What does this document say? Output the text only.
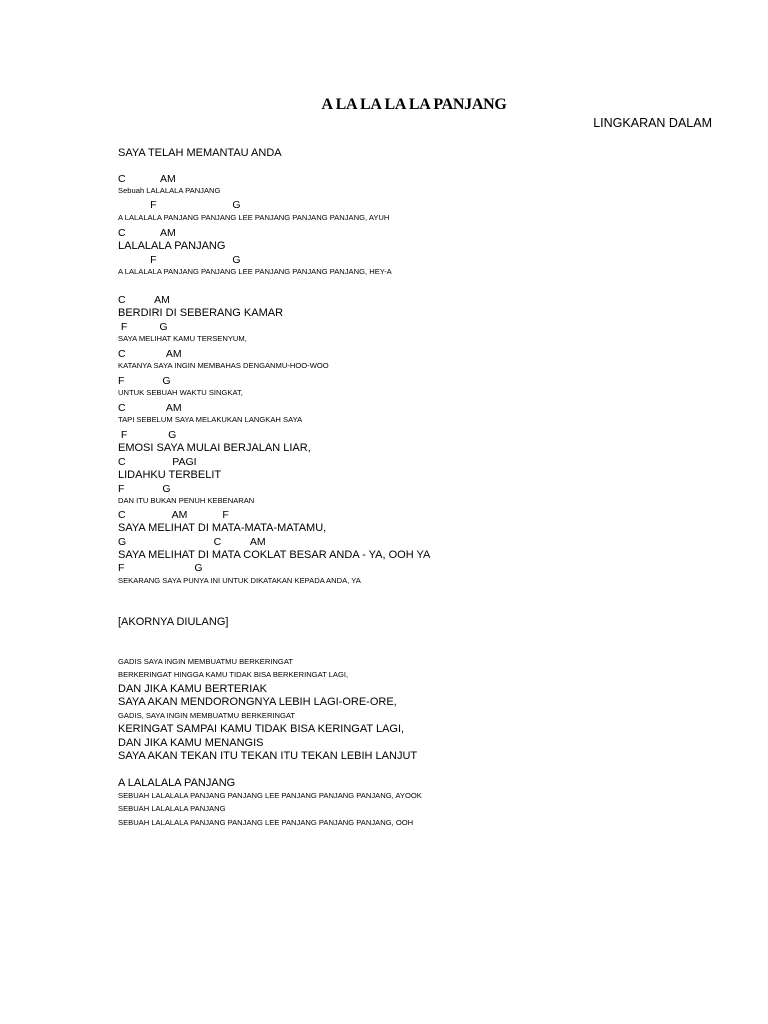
A LA LA LA LA PANJANG
LINGKARAN DALAM
SAYA TELAH MEMANTAU ANDA
C            AM
Sebuah LALALALA PANJANG
F                          G
A LALALALA PANJANG PANJANG LEE PANJANG PANJANG PANJANG, AYUH
C            AM
LALALALA PANJANG
F                          G
A LALALALA PANJANG PANJANG LEE PANJANG PANJANG PANJANG, HEY-A
C          AM
BERDIRI DI SEBERANG KAMAR
F           G
SAYA MELIHAT KAMU TERSENYUM,
C              AM
KATANYA SAYA INGIN MEMBAHAS DENGANMU-HOO-WOO
F             G
UNTUK SEBUAH WAKTU SINGKAT,
C              AM
TAPI SEBELUM SAYA MELAKUKAN LANGKAH SAYA
F              G
EMOSI SAYA MULAI BERJALAN LIAR,
C                PAGI
LIDAHKU TERBELIT
F             G
DAN ITU BUKAN PENUH KEBENARAN
C                AM            F
SAYA MELIHAT DI MATA-MATA-MATAMU,
G                              C          AM
SAYA MELIHAT DI MATA COKLAT BESAR ANDA - YA, OOH YA
F                        G
SEKARANG SAYA PUNYA INI UNTUK DIKATAKAN KEPADA ANDA, YA
[AKORNYA DIULANG]
GADIS SAYA INGIN MEMBUATMU BERKERINGAT
BERKERINGAT HINGGA KAMU TIDAK BISA BERKERINGAT LAGI,
DAN JIKA KAMU BERTERIAK
SAYA AKAN MENDORONGNYA LEBIH LAGI-ORE-ORE,
GADIS, SAYA INGIN MEMBUATMU BERKERINGAT
KERINGAT SAMPAI KAMU TIDAK BISA KERINGAT LAGI,
DAN JIKA KAMU MENANGIS
SAYA AKAN TEKAN ITU TEKAN ITU TEKAN LEBIH LANJUT
A LALALALA PANJANG
SEBUAH LALALALA PANJANG PANJANG LEE PANJANG PANJANG PANJANG, AYOOK
SEBUAH LALALALA PANJANG
SEBUAH LALALALA PANJANG PANJANG LEE PANJANG PANJANG PANJANG, OOH
